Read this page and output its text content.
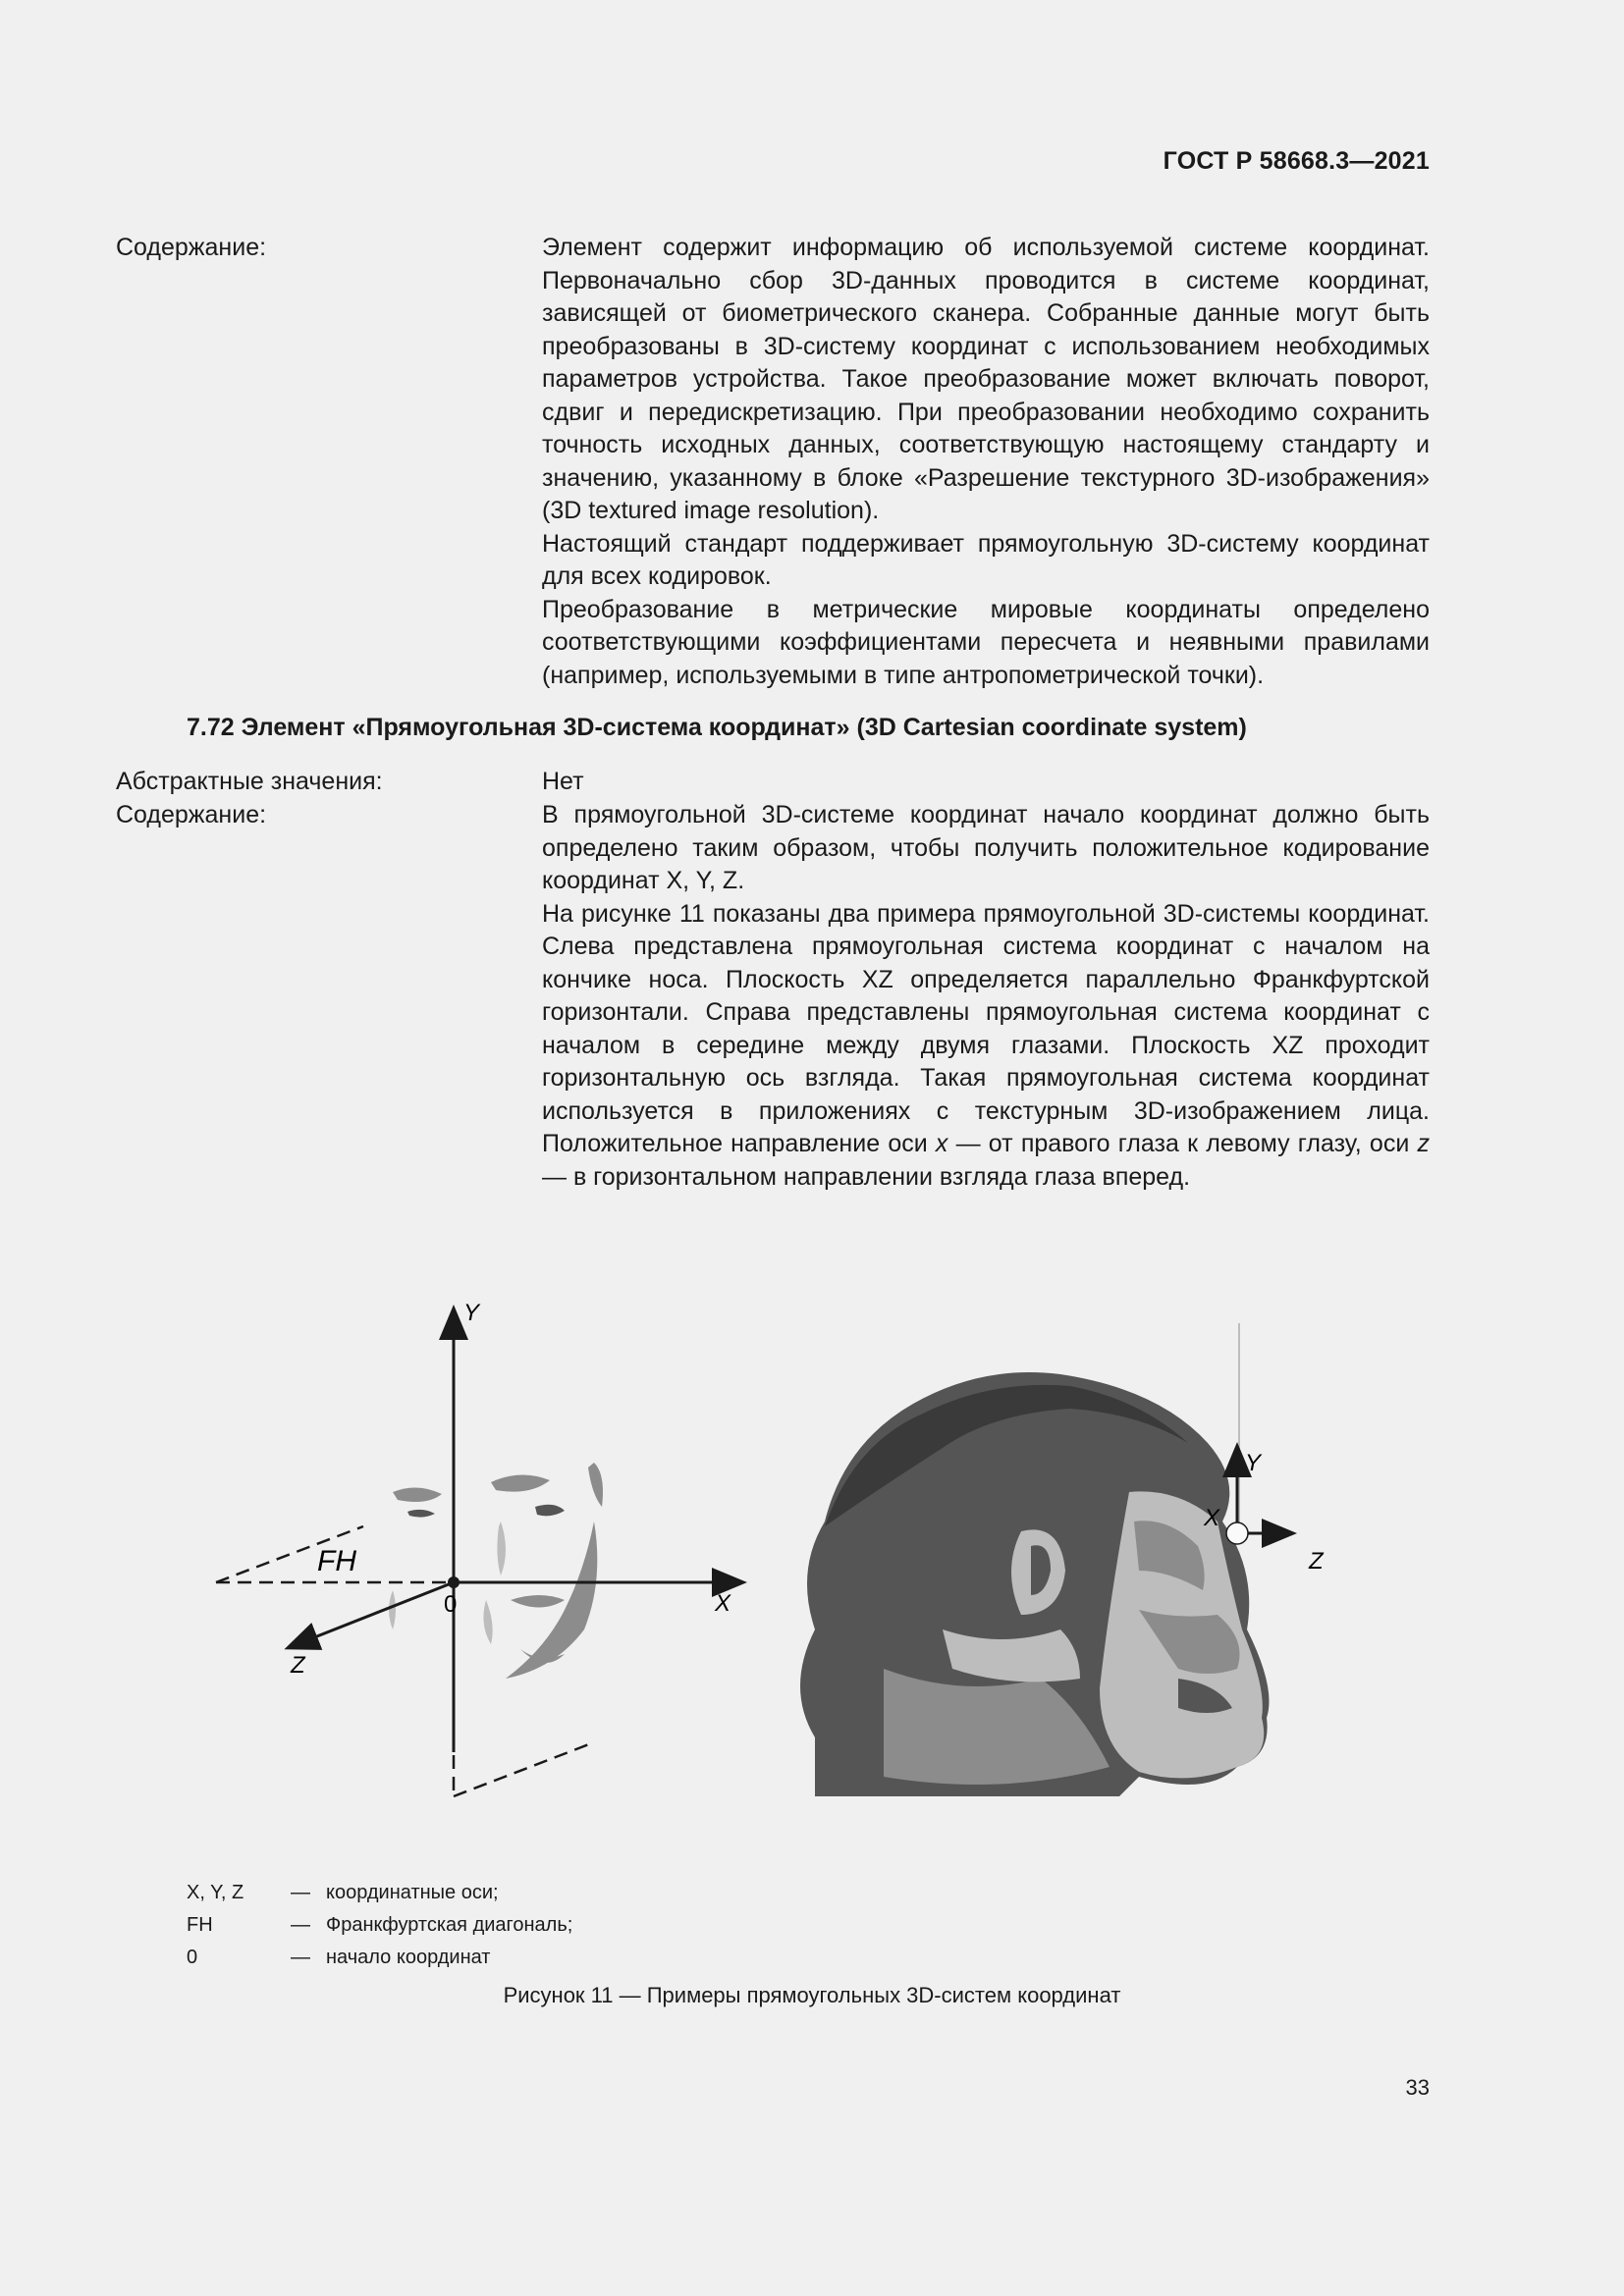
ГОСТ Р 58668.3—2021
Содержание:	Элемент содержит информацию об используемой системе координат. Первоначально сбор 3D-данных проводится в системе координат, зависящей от биометрического сканера. Собранные данные могут быть преобразованы в 3D-систему координат с использованием необходимых параметров устройства. Такое преобразование может включать поворот, сдвиг и передискретизацию. При преобразовании необходимо сохранить точность исходных данных, соответствующую настоящему стандарту и значению, указанному в блоке «Разрешение текстурного 3D-изображения» (3D textured image resolution).

Настоящий стандарт поддерживает прямоугольную 3D-систему координат для всех кодировок.

Преобразование в метрические мировые координаты определено соответствующими коэффициентами пересчета и неявными правилами (например, используемыми в типе антропометрической точки).

7.72 Элемент «Прямоугольная 3D-система координат» (3D Cartesian coordinate system)
Абстрактные значения:	Нет
Содержание:	В прямоугольной 3D-системе координат начало координат должно быть определено таким образом, чтобы получить положительное кодирование координат X, Y, Z.

На рисунке 11 показаны два примера прямоугольной 3D-системы координат. Слева представлена прямоугольная система координат с началом на кончике носа. Плоскость XZ определяется параллельно Франкфуртской горизонтали. Справа представлены прямоугольная система координат с началом в середине между двумя глазами. Плоскость XZ проходит горизонтальную ось взгляда. Такая прямоугольная система координат используется в приложениях с текстурным 3D-изображением лица. Положительное направление оси x — от правого глаза к левому глазу, оси z — в горизонтальном направлении взгляда глаза вперед.

Y
X
Z
0
FH
Y
X
Z
X, Y, Z	— координатные оси;
FH	— Франкфуртская диагональ;
0	— начало координат
Рисунок 11 — Примеры прямоугольных 3D-систем координат
33
